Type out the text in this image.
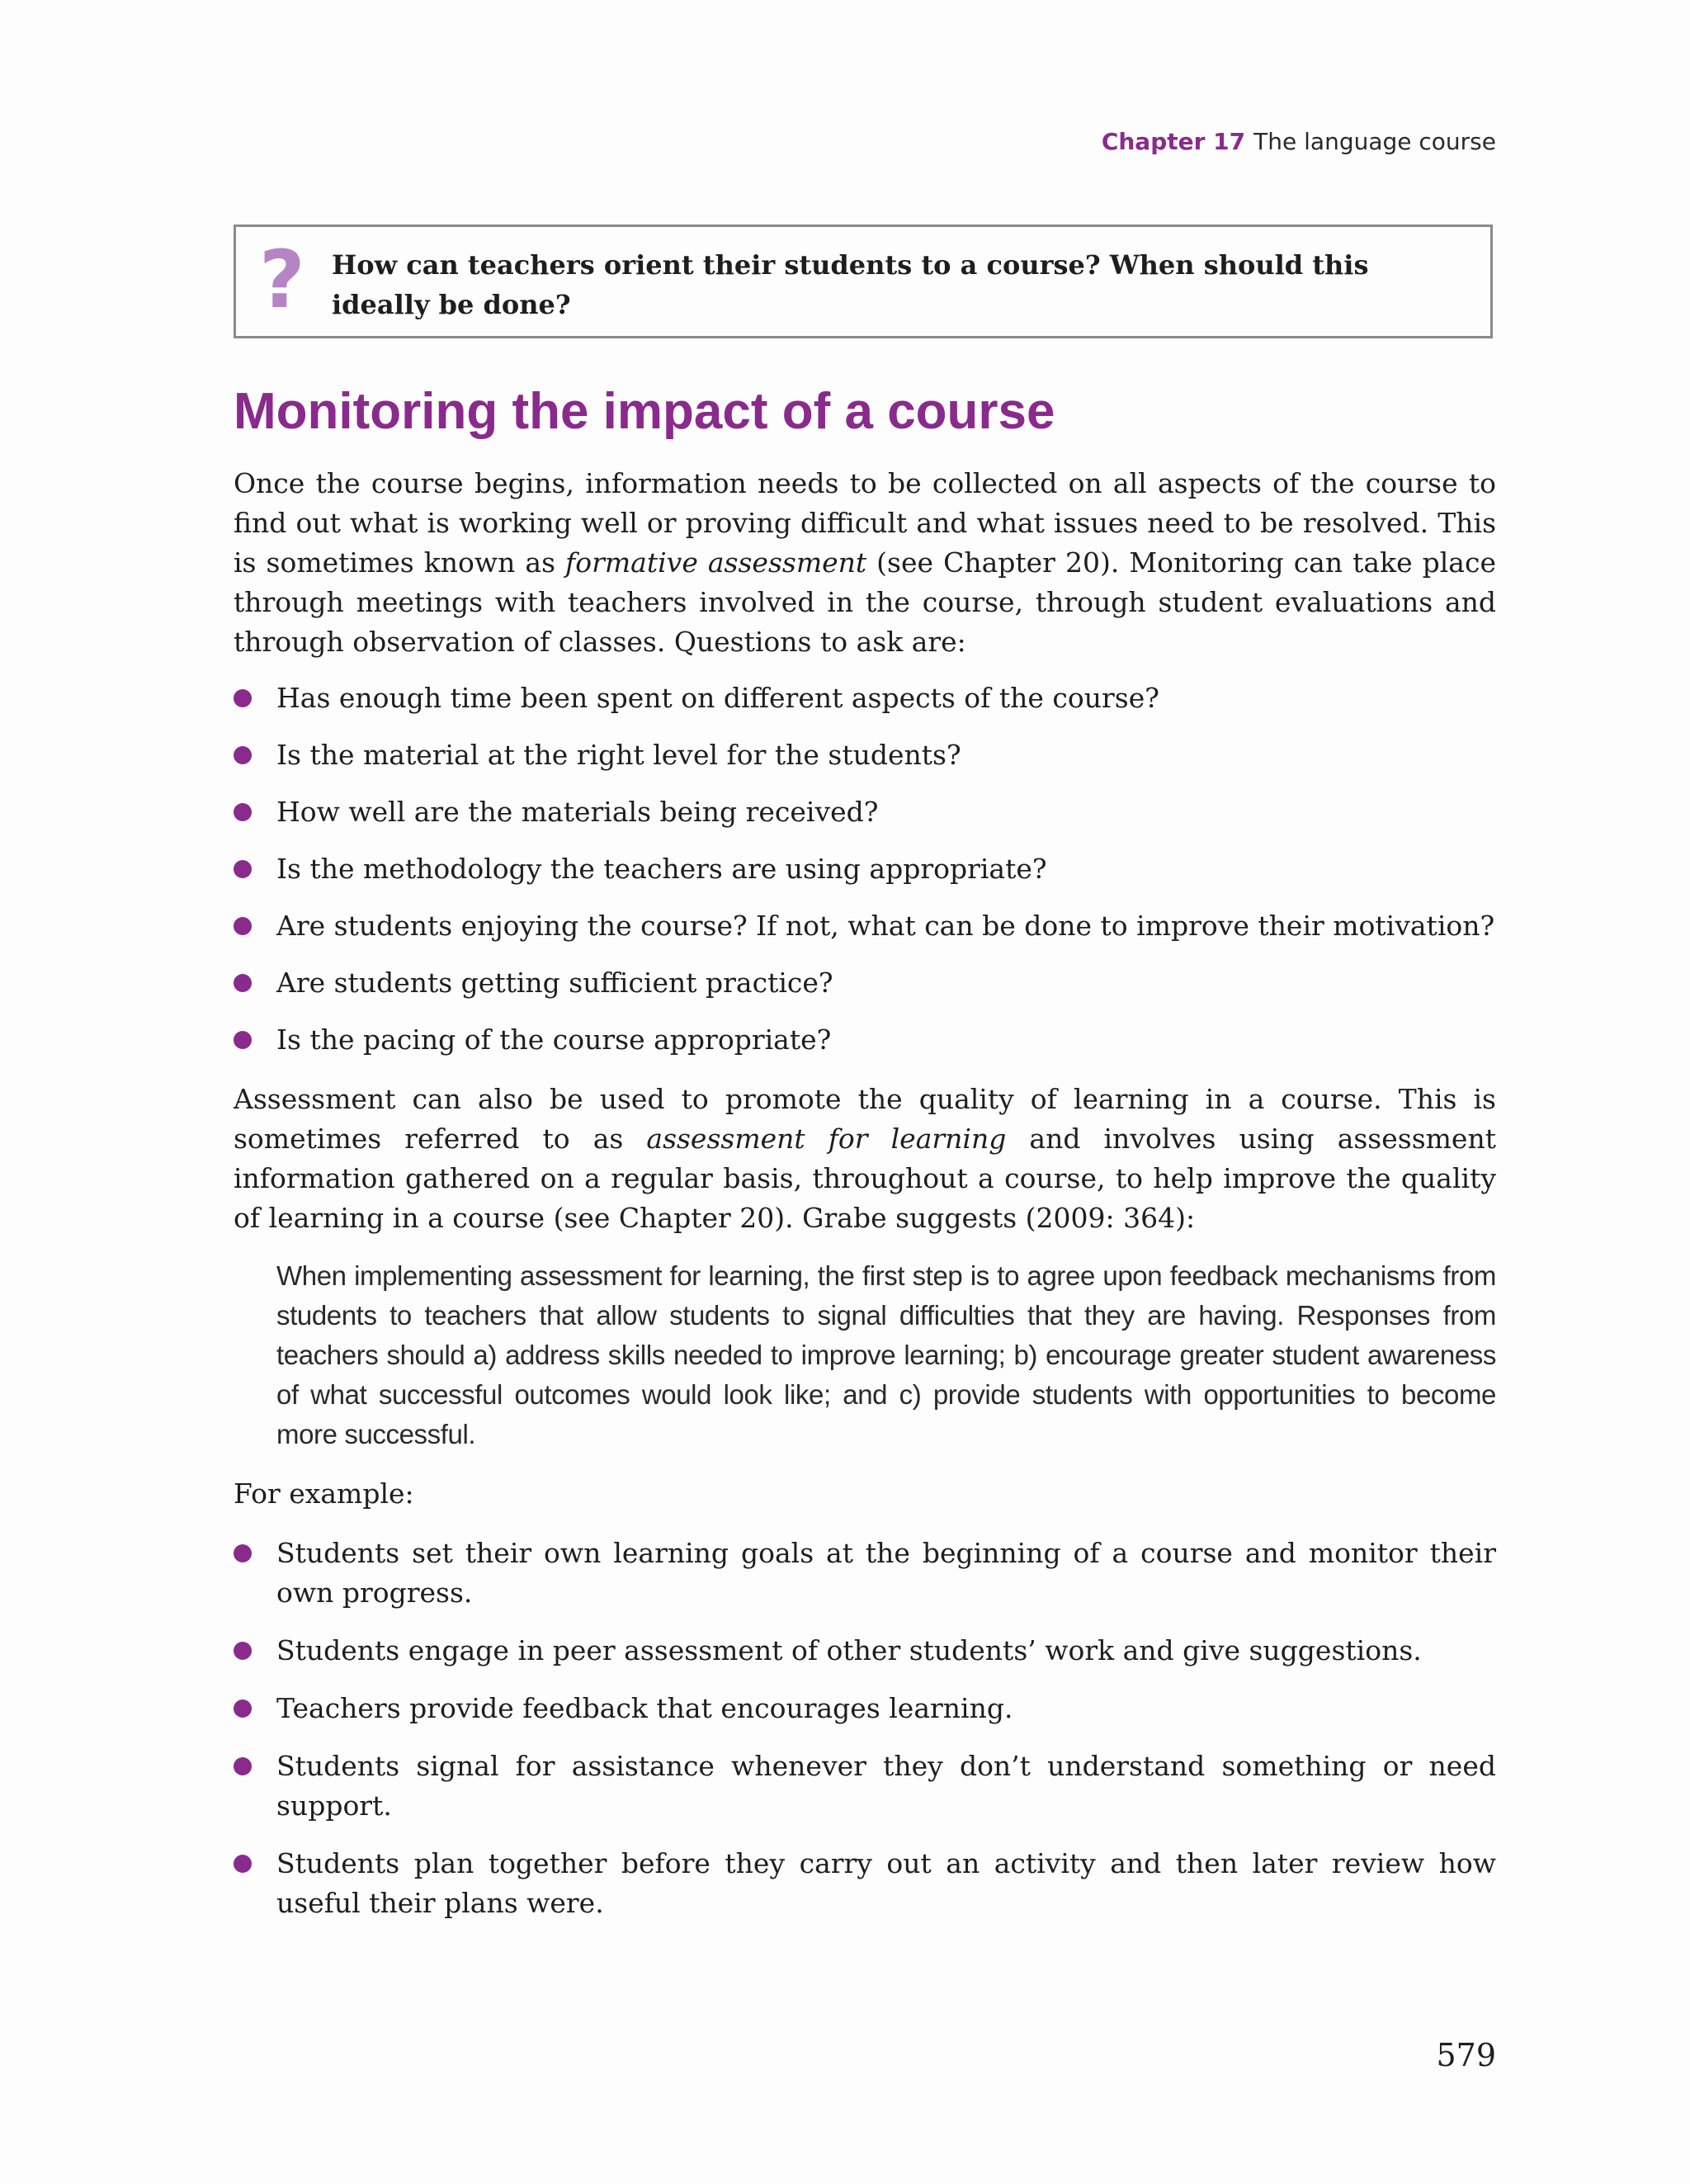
Chapter 17 The language course
? How can teachers orient their students to a course? When should this ideally be done?
Monitoring the impact of a course

Once the course begins, information needs to be collected on all aspects of the course to find out what is working well or proving difficult and what issues need to be resolved. This is sometimes known as formative assessment (see Chapter 20). Monitoring can take place through meetings with teachers involved in the course, through student evaluations and through observation of classes. Questions to ask are:

Has enough time been spent on different aspects of the course?
Is the material at the right level for the students?
How well are the materials being received?
Is the methodology the teachers are using appropriate?
Are students enjoying the course? If not, what can be done to improve their motivation?
Are students getting sufficient practice?
Is the pacing of the course appropriate?

Assessment can also be used to promote the quality of learning in a course. This is sometimes referred to as assessment for learning and involves using assessment information gathered on a regular basis, throughout a course, to help improve the quality of learning in a course (see Chapter 20). Grabe suggests (2009: 364):

When implementing assessment for learning, the first step is to agree upon feedback mechanisms from students to teachers that allow students to signal difficulties that they are having. Responses from teachers should a) address skills needed to improve learning; b) encourage greater student awareness of what successful outcomes would look like; and c) provide students with opportunities to become more successful.

For example:

Students set their own learning goals at the beginning of a course and monitor their own progress.
Students engage in peer assessment of other students’ work and give suggestions.
Teachers provide feedback that encourages learning.
Students signal for assistance whenever they don’t understand something or need support.
Students plan together before they carry out an activity and then later review how useful their plans were.
579
